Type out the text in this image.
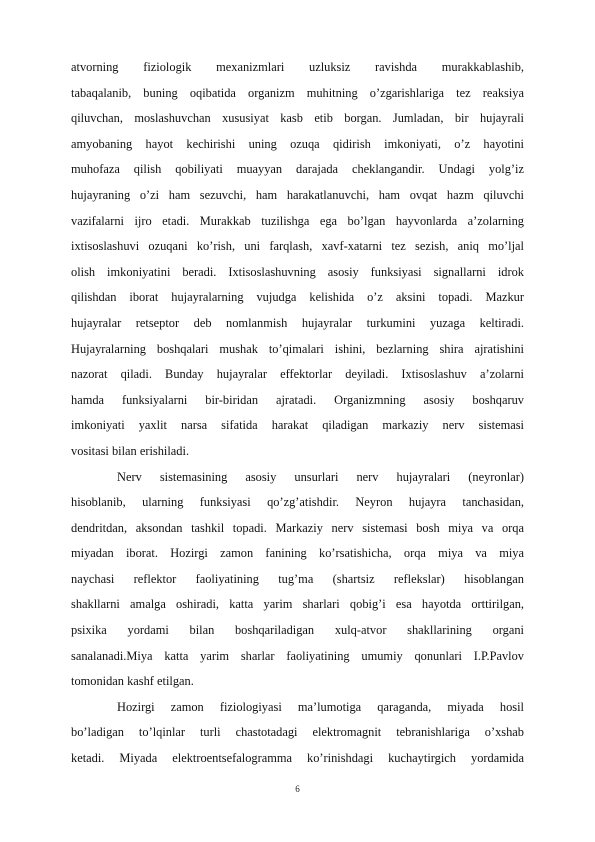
atvorning fiziologik mexanizmlari uzluksiz ravishda murakkablashib,
tabaqalanib, buning oqibatida organizm muhitning o’zgarishlariga tez reaksiya
qiluvchan, moslashuvchan xususiyat kasb etib borgan. Jumladan, bir hujayrali
amyobaning hayot kechirishi uning ozuqa qidirish imkoniyati, o’z hayotini
muhofaza qilish qobiliyati muayyan darajada cheklangandir. Undagi yolg’iz
hujayraning o’zi ham sezuvchi, ham harakatlanuvchi, ham ovqat hazm qiluvchi
vazifalarni ijro etadi. Murakkab tuzilishga ega bo’lgan hayvonlarda a’zolarning
ixtisoslashuvi ozuqani ko’rish, uni farqlash, xavf-xatarni tez sezish, aniq mo’ljal
olish imkoniyatini beradi. Ixtisoslashuvning asosiy funksiyasi signallarni idrok
qilishdan iborat hujayralarning vujudga kelishida o’z aksini topadi. Mazkur
hujayralar retseptor deb nomlanmish hujayralar turkumini yuzaga keltiradi.
Hujayralarning boshqalari mushak to’qimalari ishini, bezlarning shira ajratishini
nazorat qiladi. Bunday hujayralar effektorlar deyiladi. Ixtisoslashuv a’zolarni
hamda funksiyalarni bir-biridan ajratadi. Organizmning asosiy boshqaruv
imkoniyati yaxlit narsa sifatida harakat qiladigan markaziy nerv sistemasi
vositasi bilan erishiladi.
Nerv sistemasining asosiy unsurlari nerv hujayralari (neyronlar)
hisoblanib, ularning funksiyasi qo’zg’atishdir. Neyron hujayra tanchasidan,
dendritdan, aksondan tashkil topadi. Markaziy nerv sistemasi bosh miya va orqa
miyadan iborat. Hozirgi zamon fanining ko’rsatishicha, orqa miya va miya
naychasi reflektor faoliyatining tug’ma (shartsiz reflekslar) hisoblangan
shakllarni amalga oshiradi, katta yarim sharlari qobig’i esa hayotda orttirilgan,
psixika yordami bilan boshqariladigan xulq-atvor shakllarining organi
sanalanadi.Miya katta yarim sharlar faoliyatining umumiy qonunlari I.P.Pavlov
tomonidan kashf etilgan.
Hozirgi zamon fiziologiyasi ma’lumotiga qaraganda, miyada hosil
bo’ladigan to’lqinlar turli chastotadagi elektromagnit tebranishlariga o’xshab
ketadi. Miyada elektroentsefalogramma ko’rinishdagi kuchaytirgich yordamida
6
